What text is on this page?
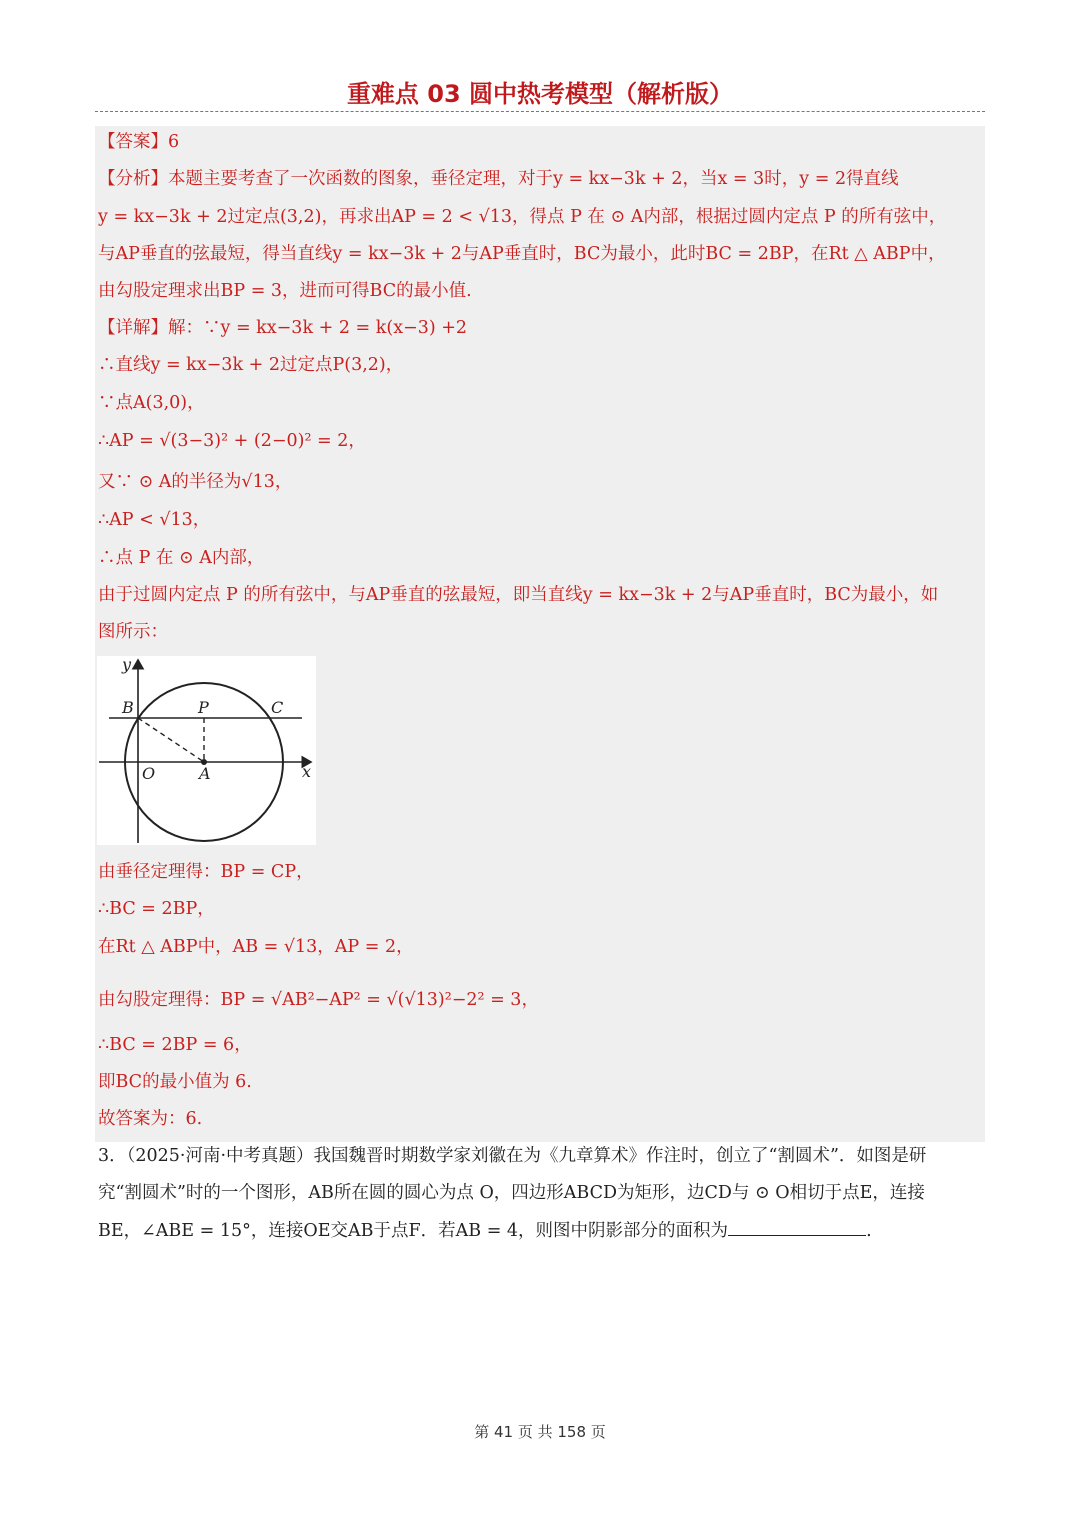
重难点 03 圆中热考模型（解析版）
【答案】6
【分析】本题主要考查了一次函数的图象，垂径定理，对于y = kx−3k + 2，当x = 3时，y = 2得直线
y = kx−3k + 2过定点(3,2)，再求出AP = 2 < √13，得点 P 在 ⊙ A内部，根据过圆内定点 P 的所有弦中，
与AP垂直的弦最短，得当直线y = kx−3k + 2与AP垂直时，BC为最小，此时BC = 2BP，在Rt △ ABP中，
由勾股定理求出BP = 3，进而可得BC的最小值.
【详解】解：∵y = kx−3k + 2 = k(x−3) +2
∴直线y = kx−3k + 2过定点P(3,2)，
∵点A(3,0)，
∴AP = √(3−3)² + (2−0)² = 2，
又∵ ⊙ A的半径为√13，
∴AP < √13，
∴点 P 在 ⊙ A内部，
由于过圆内定点 P 的所有弦中，与AP垂直的弦最短，即当直线y = kx−3k + 2与AP垂直时，BC为最小，如
图所示：
y
x
B	P	C
O	A
由垂径定理得：BP = CP，
∴BC = 2BP，
在Rt △ ABP中，AB = √13，AP = 2，
由勾股定理得：BP = √AB²−AP² = √(√13)²−2² = 3，
∴BC = 2BP = 6，
即BC的最小值为 6.
故答案为：6.
3．（2025·河南·中考真题）我国魏晋时期数学家刘徽在为《九章算术》作注时，创立了“割圆术”．如图是研
究“割圆术”时的一个图形，AB所在圆的圆心为点 O，四边形ABCD为矩形，边CD与 ⊙ O相切于点E，连接
BE，∠ABE = 15°，连接OE交AB于点F．若AB = 4，则图中阴影部分的面积为	.
第 41 页 共 158 页
